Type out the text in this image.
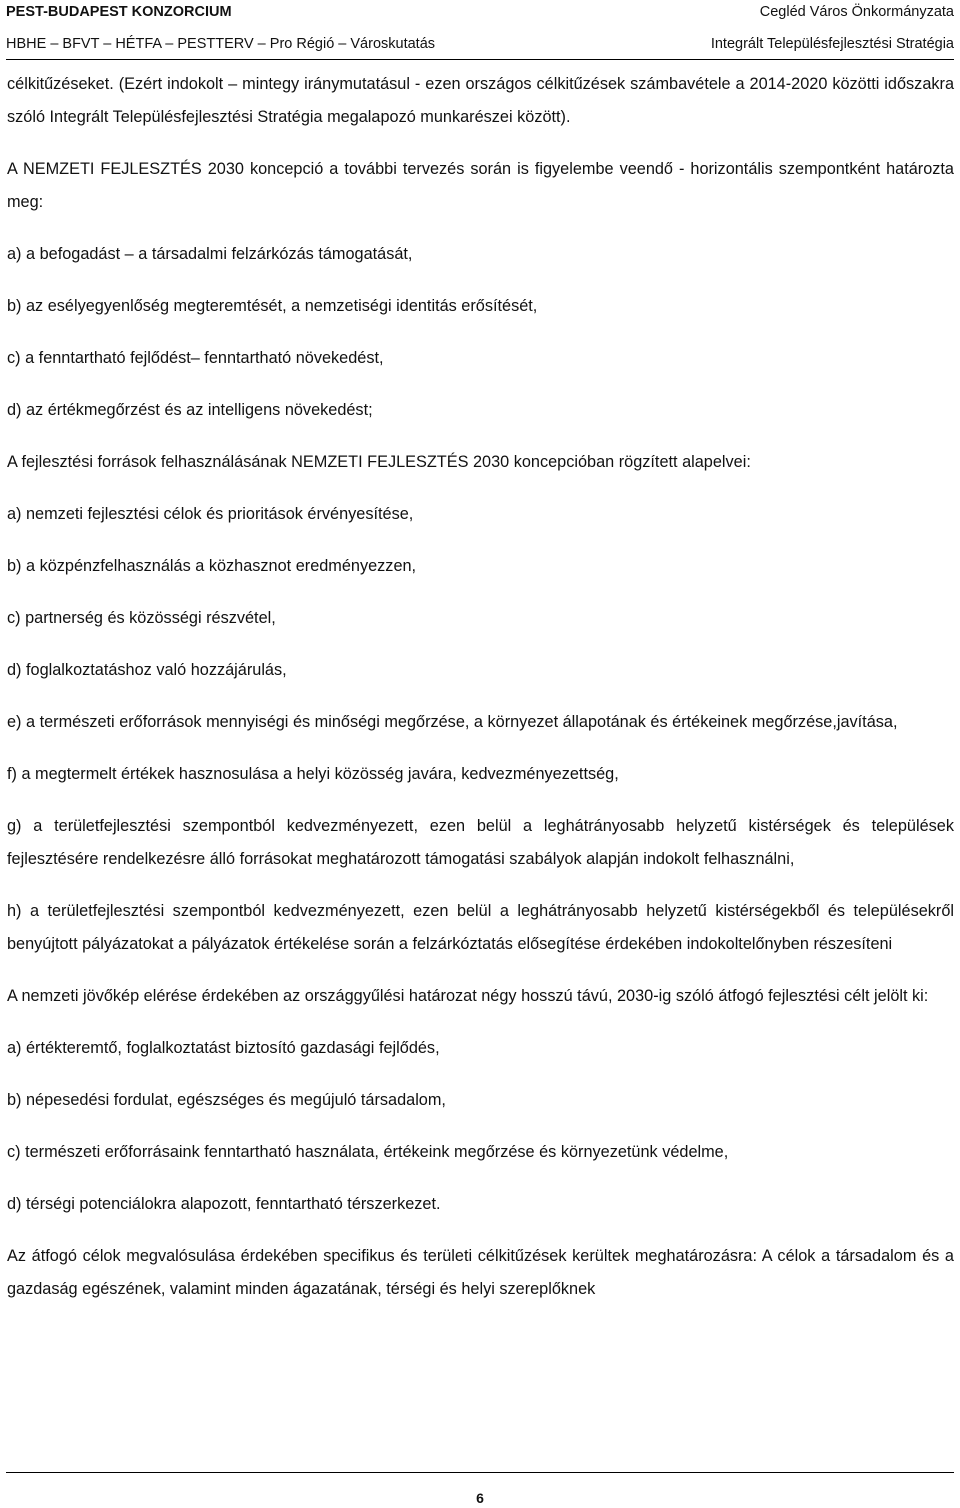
PEST-BUDAPEST KONZORCIUM	Cegléd Város Önkormányzata
HBHE – BFVT – HÉTFA – PESTTERV – Pro Régió – Városkutatás	Integrált Településfejlesztési Stratégia

célkitűzéseket. (Ezért indokolt – mintegy iránymutatásul - ezen országos célkitűzések számbavétele a 2014-2020 közötti időszakra szóló Integrált Településfejlesztési Stratégia megalapozó munkarészei között).

A NEMZETI FEJLESZTÉS 2030 koncepció a további tervezés során is figyelembe veendő - horizontális szempontként határozta meg:

a) a befogadást – a társadalmi felzárkózás támogatását,

b) az esélyegyenlőség megteremtését, a nemzetiségi identitás erősítését,

c) a fenntartható fejlődést– fenntartható növekedést,

d) az értékmegőrzést és az intelligens növekedést;

A fejlesztési források felhasználásának NEMZETI FEJLESZTÉS 2030 koncepcióban rögzített alapelvei:

a) nemzeti fejlesztési célok és prioritások érvényesítése,

b) a közpénzfelhasználás a közhasznot eredményezzen,

c) partnerség és közösségi részvétel,

d) foglalkoztatáshoz való hozzájárulás,

e) a természeti erőforrások mennyiségi és minőségi megőrzése, a környezet állapotának és értékeinek megőrzése,javítása,

f) a megtermelt értékek hasznosulása a helyi közösség javára, kedvezményezettség,

g) a területfejlesztési szempontból kedvezményezett, ezen belül a leghátrányosabb helyzetű kistérségek és települések fejlesztésére rendelkezésre álló forrásokat meghatározott támogatási szabályok alapján indokolt felhasználni,

h) a területfejlesztési szempontból kedvezményezett, ezen belül a leghátrányosabb helyzetű kistérségekből és településekről benyújtott pályázatokat a pályázatok értékelése során a felzárkóztatás elősegítése érdekében indokoltelőnyben részesíteni

A nemzeti jövőkép elérése érdekében az országgyűlési határozat négy hosszú távú, 2030-ig szóló átfogó fejlesztési célt jelölt ki:

a) értékteremtő, foglalkoztatást biztosító gazdasági fejlődés,

b) népesedési fordulat, egészséges és megújuló társadalom,

c) természeti erőforrásaink fenntartható használata, értékeink megőrzése és környezetünk védelme,

d) térségi potenciálokra alapozott, fenntartható térszerkezet.

Az átfogó célok megvalósulása érdekében specifikus és területi célkitűzések kerültek meghatározásra: A célok a társadalom és a gazdaság egészének, valamint minden ágazatának, térségi és helyi szereplőknek

6
